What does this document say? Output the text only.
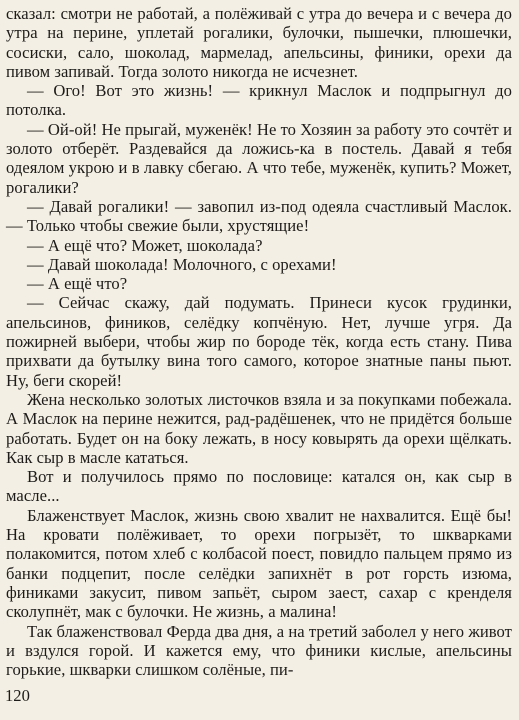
сказал: смотри не работай, а полёживай с утра до вечера и с вечера до утра на перине, уплетай рогалики, булочки, пышечки, плюшечки, сосиски, сало, шоколад, мармелад, апельсины, финики, орехи да пивом запивай. Тогда золото никогда не исчезнет.

— Ого! Вот это жизнь! — крикнул Маслок и подпрыгнул до потолка.

— Ой-ой! Не прыгай, муженёк! Не то Хозяин за работу это сочтёт и золото отберёт. Раздевайся да ложись-ка в постель. Давай я тебя одеялом укрою и в лавку сбегаю. А что тебе, муженёк, купить? Может, рогалики?

— Давай рогалики! — завопил из-под одеяла счастливый Маслок. — Только чтобы свежие были, хрустящие!

— А ещё что? Может, шоколада?

— Давай шоколада! Молочного, с орехами!

— А ещё что?

— Сейчас скажу, дай подумать. Принеси кусок грудинки, апельсинов, фиников, селёдку копчёную. Нет, лучше угря. Да пожирней выбери, чтобы жир по бороде тёк, когда есть стану. Пива прихвати да бутылку вина того самого, которое знатные паны пьют. Ну, беги скорей!

Жена несколько золотых листочков взяла и за покупками побежала. А Маслок на перине нежится, рад-радёшенек, что не придётся больше работать. Будет он на боку лежать, в носу ковырять да орехи щёлкать. Как сыр в масле кататься.

Вот и получилось прямо по пословице: катался он, как сыр в масле...

Блаженствует Маслок, жизнь свою хвалит не нахвалится. Ещё бы! На кровати полёживает, то орехи погрызёт, то шкварками полакомится, потом хлеб с колбасой поест, повидло пальцем прямо из банки подцепит, после селёдки запихнёт в рот горсть изюма, финиками закусит, пивом запьёт, сыром заест, сахар с кренделя сколупнёт, мак с булочки. Не жизнь, а малина!

Так блаженствовал Ферда два дня, а на третий заболел у него живот и вздулся горой. И кажется ему, что финики кислые, апельсины горькие, шкварки слишком солёные, пи-

120
